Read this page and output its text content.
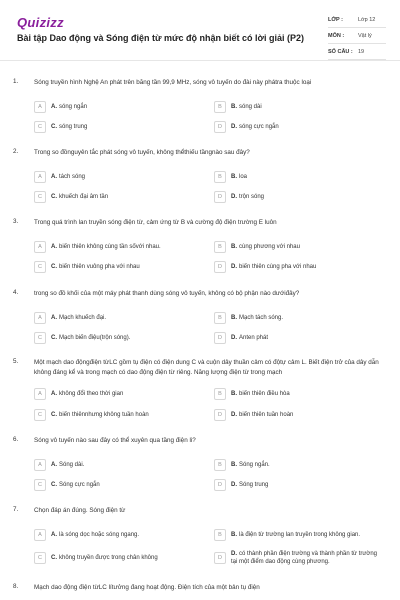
Quizizz
Bài tập Dao động và Sóng điện từ mức độ nhận biết có lời giải (P2)
LỚP :	Lớp 12
MÔN :	Vật lý
SỐ CÂU : 19
1. Sóng truyền hình Nghệ An phát trên băng tần 99,9 MHz, sóng vô tuyến do đài này phátra thuộc loại
A	A. sóng ngắn	B	B. sóng dài
C	C. sóng trung	D	D. sóng cực ngắn
2. Trong so đồnguyên tắc phát sóng vô tuyến, không thểthiếu tầngnào sau đây?
A	A. tách sóng	B	B. loa
C	C. khuếch đại âm tần	D	D. trộn sóng
3. Trong quá trình lan truyền sóng điện từ, cảm ứng từ B và cường độ điện trường E luôn
A	A. biến thiên không cùng tần sốvới nhau.	B	B. cùng phương với nhau
C	C. biến thiên vuông pha với nhau	D	D. biến thiên cùng pha với nhau
4. trong so đồ khối của một máy phát thanh dùng sóng vô tuyến, không có bộ phận nào dướiđây?
A	A. Mạch khuếch đại.	B	B. Mạch tách sóng.
C	C. Mạch biến điệu(trộn sóng).	D	D. Anten phát
5. Một mạch dao độngđiện từLC gồm tụ điện có điện dung C và cuộn dây thuần cảm có độtự cảm L. Biết điện trở của dây dẫn không đáng kể và trong mạch có dao động điện từ riêng. Năng lượng điện từ trong mạch
A	A. không đổi theo thời gian	B	B. biến thiên điều hòa
C	C. biến thiênnhưng không tuần hoàn	D	D. biến thiên tuần hoàn
6. Sóng vô tuyến nào sau đây có thể xuyên qua tầng điện li?
A	A. Sóng dài.	B	B. Sóng ngắn.
C	C. Sóng cực ngắn	D	D. Sóng trung
7. Chọn đáp án đúng. Sóng điện từ
A	A. là sóng dọc hoặc sóng ngang.	B	B. là điện từ trường lan truyền trong không gian.
C	C. không truyền được trong chân không	D
D. có thành phần điện trường và thành phần từ trường tại một điểm dao động cùng phương.
8. Mạch dao động điện từLC lítưởng đang hoạt động. Điện tích của một bản tụ điện
